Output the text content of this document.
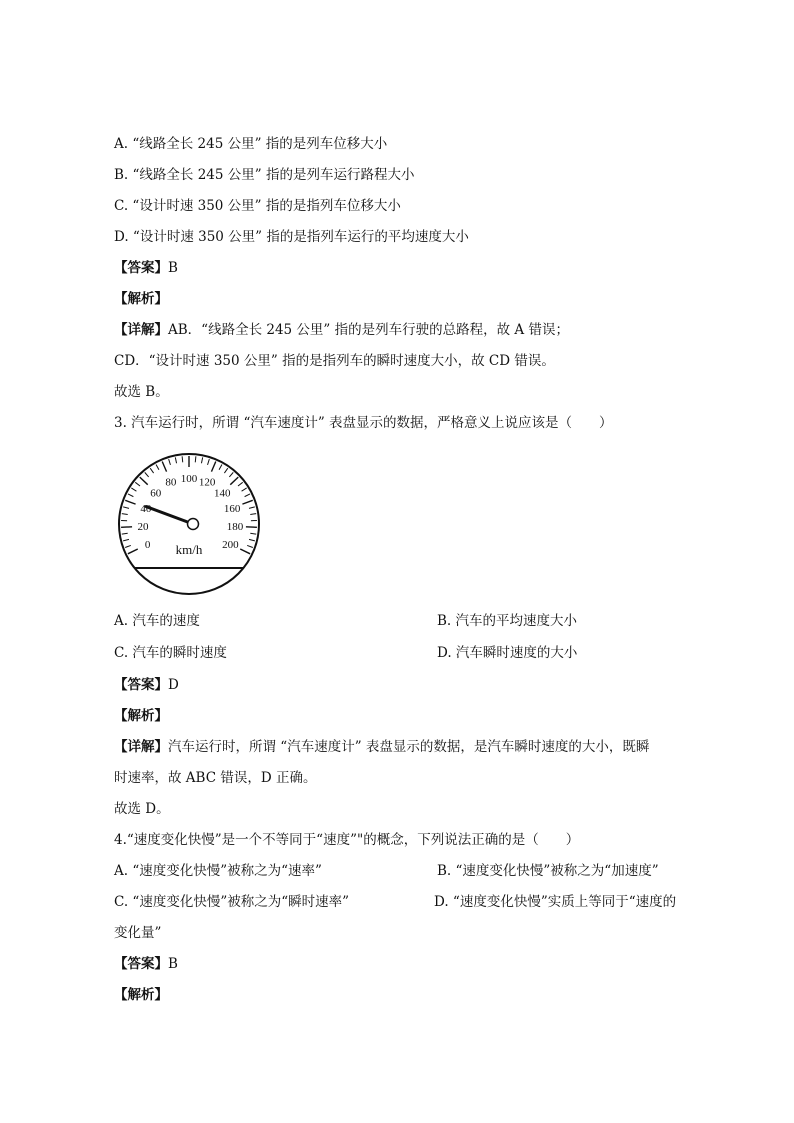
A. “线路全长 245 公里” 指的是列车位移大小
B. “线路全长 245 公里” 指的是列车运行路程大小
C. “设计时速 350 公里” 指的是指列车位移大小
D. “设计时速 350 公里” 指的是指列车运行的平均速度大小
【答案】B
【解析】
【详解】AB．“线路全长 245 公里” 指的是列车行驶的总路程，故 A 错误；
CD．“设计时速 350 公里” 指的是指列车的瞬时速度大小，故 CD 错误。
故选 B。
3. 汽车运行时，所谓 “汽车速度计” 表盘显示的数据，严格意义上说应该是（　　）
0
20
40
60
80 100 120
140
160
180
200
km/h
A. 汽车的速度	B. 汽车的平均速度大小
C. 汽车的瞬时速度	D. 汽车瞬时速度的大小
【答案】D
【解析】
【详解】汽车运行时，所谓 “汽车速度计” 表盘显示的数据，是汽车瞬时速度的大小，既瞬
时速率，故 ABC 错误，D 正确。
故选 D。
4.“速度变化快慢”是一个不等同于“速度”"的概念，下列说法正确的是（　　）
A. “速度变化快慢”被称之为“速率”	B. “速度变化快慢”被称之为“加速度”
C. “速度变化快慢”被称之为“瞬时速率”	D. “速度变化快慢”实质上等同于“速度的
变化量”
【答案】B
【解析】
